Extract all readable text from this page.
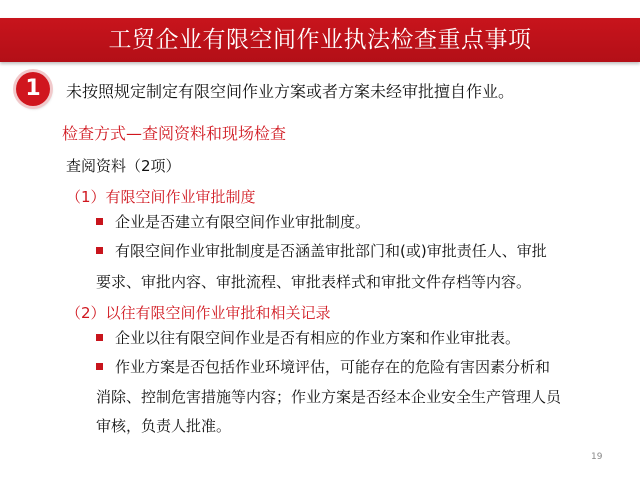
工贸企业有限空间作业执法检查重点事项
1	未按照规定制定有限空间作业方案或者方案未经审批擅自作业。
检查方式—查阅资料和现场检查
查阅资料（2项）
（1）有限空间作业审批制度
企业是否建立有限空间作业审批制度。
有限空间作业审批制度是否涵盖审批部门和(或)审批责任人、审批
要求、审批内容、审批流程、审批表样式和审批文件存档等内容。
（2）以往有限空间作业审批和相关记录
企业以往有限空间作业是否有相应的作业方案和作业审批表。
作业方案是否包括作业环境评估，可能存在的危险有害因素分析和
消除、控制危害措施等内容；作业方案是否经本企业安全生产管理人员
审核，负责人批准。
19
